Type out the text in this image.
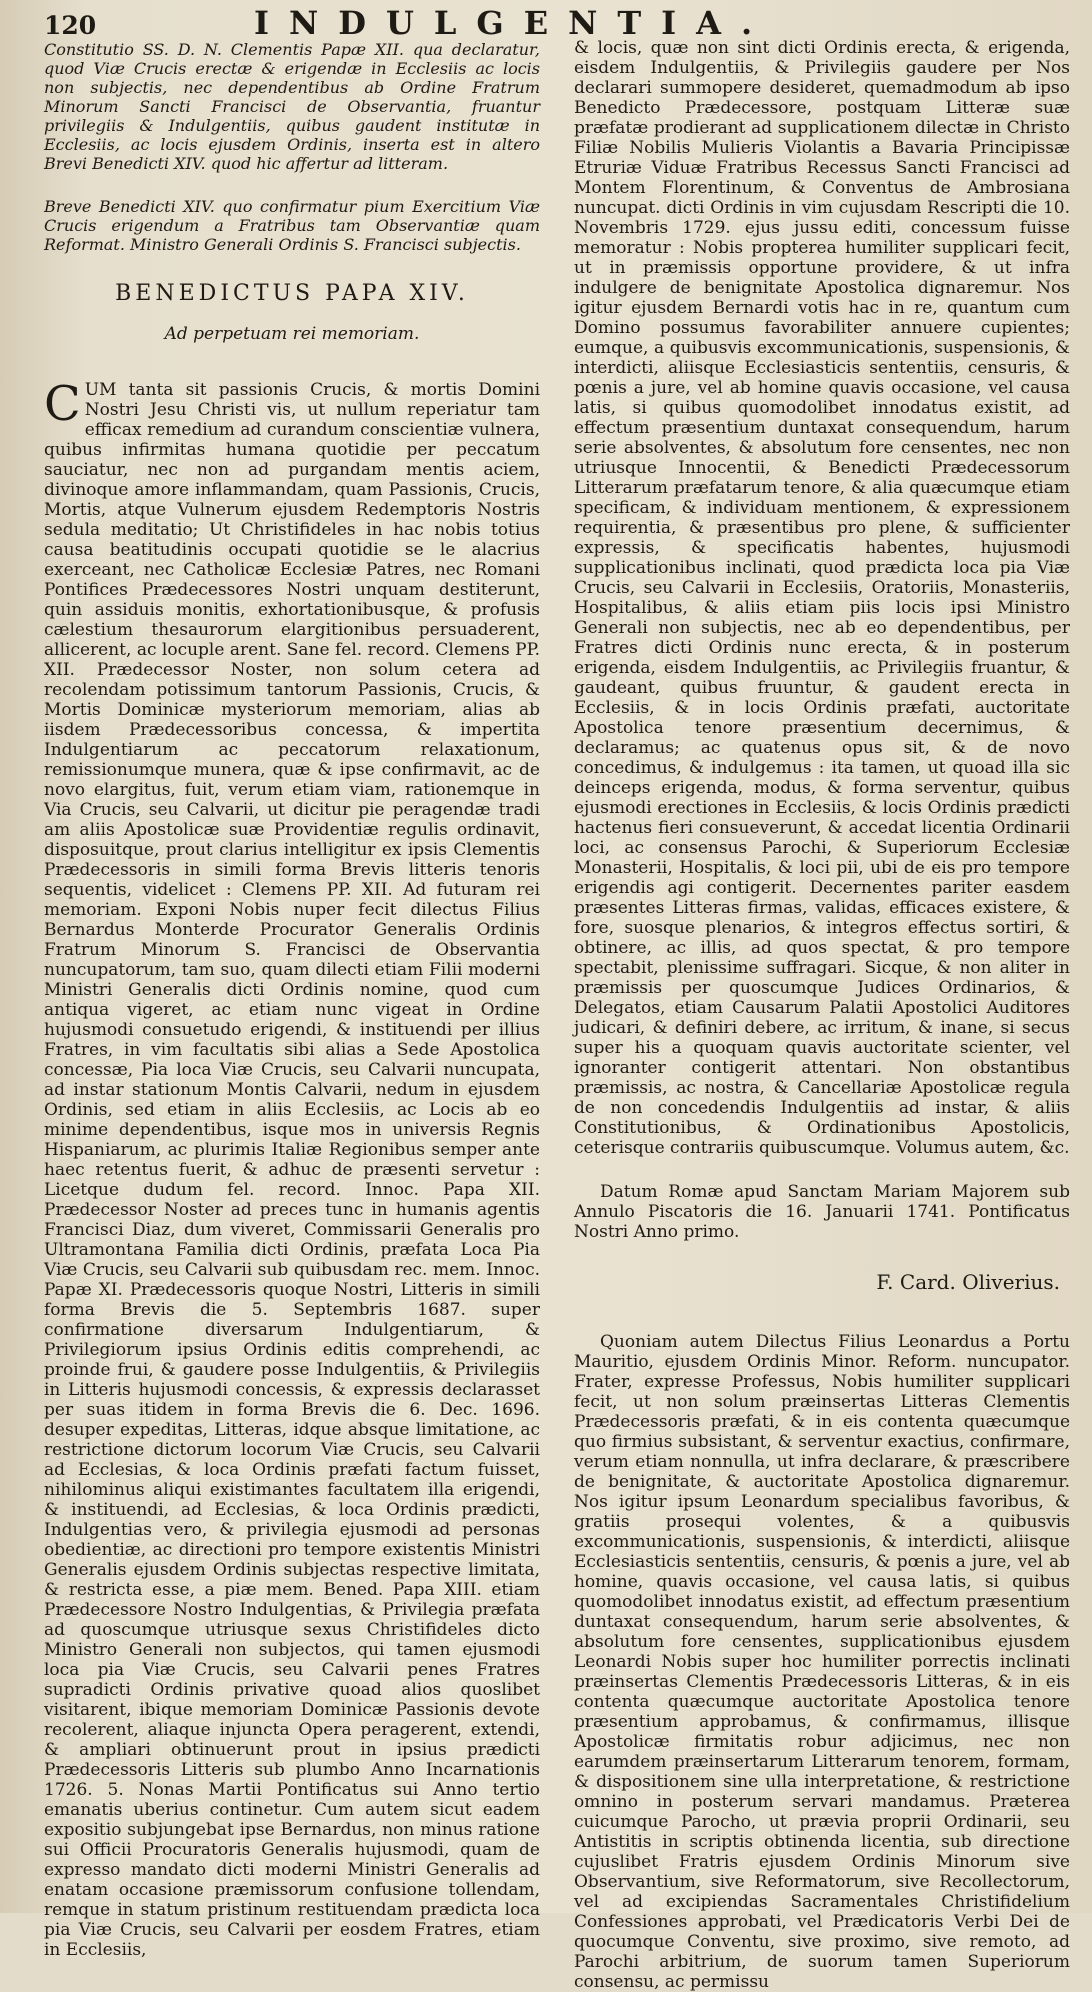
120	INDULGENTIA.

Constitutio SS. D. N. Clementis Papæ XII. qua declaratur, quod Viæ Crucis erectæ & erigendæ in Ecclesiis ac locis non subjectis, nec dependentibus ab Ordine Fratrum Minorum Sancti Francisci de Observantia, fruantur privilegiis & Indulgentiis, quibus gaudent institutæ in Ecclesiis, ac locis ejusdem Ordinis, inserta est in altero Brevi Benedicti XIV. quod hic affertur ad litteram.

Breve Benedicti XIV. quo confirmatur pium Exercitium Viæ Crucis erigendum a Fratribus tam Observantiæ quam Reformat. Ministro Generali Ordinis S. Francisci subjectis.

BENEDICTUS PAPA XIV.

Ad perpetuam rei memoriam.

CUM tanta sit passionis Crucis, & mortis Domini Nostri Jesu Christi vis, ut nullum reperiatur tam efficax remedium ad curandum conscientiæ vulnera, quibus infirmitas humana quotidie per peccatum sauciatur, nec non ad purgandam mentis aciem, divinoque amore inflammandam, quam Passionis, Crucis, Mortis, atque Vulnerum ejusdem Redemptoris Nostris sedula meditatio; Ut Christifideles in hac nobis totius causa beatitudinis occupati quotidie se le alacrius exerceant, nec Catholicæ Ecclesiæ Patres, nec Romani Pontifices Prædecessores Nostri unquam destiterunt, quin assiduis monitis, exhortationibusque, & profusis cælestium thesaurorum elargitionibus persuaderent, allicerent, ac locuple arent. Sane fel. record. Clemens PP. XII. Prædecessor Noster, non solum cetera ad recolendam potissimum tantorum Passionis, Crucis, & Mortis Dominicæ mysteriorum memoriam, alias ab iisdem Prædecessoribus concessa, & impertita Indulgentiarum ac peccatorum relaxationum, remissionumque munera, quæ & ipse confirmavit, ac de novo elargitus, fuit, verum etiam viam, rationemque in Via Crucis, seu Calvarii, ut dicitur pie peragendæ tradi am aliis Apostolicæ suæ Providentiæ regulis ordinavit, disposuitque, prout clarius intelligitur ex ipsis Clementis Prædecessoris in simili forma Brevis litteris tenoris sequentis, videlicet : Clemens PP. XII. Ad futuram rei memoriam. Exponi Nobis nuper fecit dilectus Filius Bernardus Monterde Procurator Generalis Ordinis Fratrum Minorum S. Francisci de Observantia nuncupatorum, tam suo, quam dilecti etiam Filii moderni Ministri Generalis dicti Ordinis nomine, quod cum antiqua vigeret, ac etiam nunc vigeat in Ordine hujusmodi consuetudo erigendi, & instituendi per illius Fratres, in vim facultatis sibi alias a Sede Apostolica concessæ, Pia loca Viæ Crucis, seu Calvarii nuncupata, ad instar stationum Montis Calvarii, nedum in ejusdem Ordinis, sed etiam in aliis Ecclesiis, ac Locis ab eo minime dependentibus, isque mos in universis Regnis Hispaniarum, ac plurimis Italiæ Regionibus semper ante haec retentus fuerit, & adhuc de præsenti servetur : Licetque dudum fel. record. Innoc. Papa XII. Prædecessor Noster ad preces tunc in humanis agentis Francisci Diaz, dum viveret, Commissarii Generalis pro Ultramontana Familia dicti Ordinis, præfata Loca Pia Viæ Crucis, seu Calvarii sub quibusdam rec. mem. Innoc. Papæ XI. Prædecessoris quoque Nostri, Litteris in simili forma Brevis die 5. Septembris 1687. super confirmatione diversarum Indulgentiarum, & Privilegiorum ipsius Ordinis editis comprehendi, ac proinde frui, & gaudere posse Indulgentiis, & Privilegiis in Litteris hujusmodi concessis, & expressis declarasset per suas itidem in forma Brevis die 6. Dec. 1696. desuper expeditas, Litteras, idque absque limitatione, ac restrictione dictorum locorum Viæ Crucis, seu Calvarii ad Ecclesias, & loca Ordinis præfati factum fuisset, nihilominus aliqui existimantes facultatem illa erigendi, & instituendi, ad Ecclesias, & loca Ordinis prædicti, Indulgentias vero, & privilegia ejusmodi ad personas obedientiæ, ac directioni pro tempore existentis Ministri Generalis ejusdem Ordinis subjectas respective limitata, & restricta esse, a piæ mem. Bened. Papa XIII. etiam Prædecessore Nostro Indulgentias, & Privilegia præfata ad quoscumque utriusque sexus Christifideles dicto Ministro Generali non subjectos, qui tamen ejusmodi loca pia Viæ Crucis, seu Calvarii penes Fratres supradicti Ordinis privative quoad alios quoslibet visitarent, ibique memoriam Dominicæ Passionis devote recolerent, aliaque injuncta Opera peragerent, extendi, & ampliari obtinuerunt prout in ipsius prædicti Prædecessoris Litteris sub plumbo Anno Incarnationis 1726. 5. Nonas Martii Pontificatus sui Anno tertio emanatis uberius continetur. Cum autem sicut eadem expositio subjungebat ipse Bernardus, non minus ratione sui Officii Procuratoris Generalis hujusmodi, quam de expresso mandato dicti moderni Ministri Generalis ad enatam occasione præmissorum confusione tollendam, remque in statum pristinum restituendam prædicta loca pia Viæ Crucis, seu Calvarii per eosdem Fratres, etiam in Ecclesiis,

& locis, quæ non sint dicti Ordinis erecta, & erigenda, eisdem Indulgentiis, & Privilegiis gaudere per Nos declarari summopere desideret, quemadmodum ab ipso Benedicto Prædecessore, postquam Litteræ suæ præfatæ prodierant ad supplicationem dilectæ in Christo Filiæ Nobilis Mulieris Violantis a Bavaria Principissæ Etruriæ Viduæ Fratribus Recessus Sancti Francisci ad Montem Florentinum, & Conventus de Ambrosiana nuncupat. dicti Ordinis in vim cujusdam Rescripti die 10. Novembris 1729. ejus jussu editi, concessum fuisse memoratur : Nobis propterea humiliter supplicari fecit, ut in præmissis opportune providere, & ut infra indulgere de benignitate Apostolica dignaremur. Nos igitur ejusdem Bernardi votis hac in re, quantum cum Domino possumus favorabiliter annuere cupientes; eumque, a quibusvis excommunicationis, suspensionis, & interdicti, aliisque Ecclesiasticis sententiis, censuris, & pœnis a jure, vel ab homine quavis occasione, vel causa latis, si quibus quomodolibet innodatus existit, ad effectum præsentium duntaxat consequendum, harum serie absolventes, & absolutum fore censentes, nec non utriusque Innocentii, & Benedicti Prædecessorum Litterarum præfatarum tenore, & alia quæcumque etiam specificam, & individuam mentionem, & expressionem requirentia, & præsentibus pro plene, & sufficienter expressis, & specificatis habentes, hujusmodi supplicationibus inclinati, quod prædicta loca pia Viæ Crucis, seu Calvarii in Ecclesiis, Oratoriis, Monasteriis, Hospitalibus, & aliis etiam piis locis ipsi Ministro Generali non subjectis, nec ab eo dependentibus, per Fratres dicti Ordinis nunc erecta, & in posterum erigenda, eisdem Indulgentiis, ac Privilegiis fruantur, & gaudeant, quibus fruuntur, & gaudent erecta in Ecclesiis, & in locis Ordinis præfati, auctoritate Apostolica tenore præsentium decernimus, & declaramus; ac quatenus opus sit, & de novo concedimus, & indulgemus : ita tamen, ut quoad illa sic deinceps erigenda, modus, & forma serventur, quibus ejusmodi erectiones in Ecclesiis, & locis Ordinis prædicti hactenus fieri consueverunt, & accedat licentia Ordinarii loci, ac consensus Parochi, & Superiorum Ecclesiæ Monasterii, Hospitalis, & loci pii, ubi de eis pro tempore erigendis agi contigerit. Decernentes pariter easdem præsentes Litteras firmas, validas, efficaces existere, & fore, suosque plenarios, & integros effectus sortiri, & obtinere, ac illis, ad quos spectat, & pro tempore spectabit, plenissime suffragari. Sicque, & non aliter in præmissis per quoscumque Judices Ordinarios, & Delegatos, etiam Causarum Palatii Apostolici Auditores judicari, & definiri debere, ac irritum, & inane, si secus super his a quoquam quavis auctoritate scienter, vel ignoranter contigerit attentari. Non obstantibus præmissis, ac nostra, & Cancellariæ Apostolicæ regula de non concedendis Indulgentiis ad instar, & aliis Constitutionibus, & Ordinationibus Apostolicis, ceterisque contrariis quibuscumque. Volumus autem, &c.

Datum Romæ apud Sanctam Mariam Majorem sub Annulo Piscatoris die 16. Januarii 1741. Pontificatus Nostri Anno primo.

F. Card. Oliverius.

Quoniam autem Dilectus Filius Leonardus a Portu Mauritio, ejusdem Ordinis Minor. Reform. nuncupator. Frater, expresse Professus, Nobis humiliter supplicari fecit, ut non solum præinsertas Litteras Clementis Prædecessoris præfati, & in eis contenta quæcumque quo firmius subsistant, & serventur exactius, confirmare, verum etiam nonnulla, ut infra declarare, & præscribere de benignitate, & auctoritate Apostolica dignaremur. Nos igitur ipsum Leonardum specialibus favoribus, & gratiis prosequi volentes, & a quibusvis excommunicationis, suspensionis, & interdicti, aliisque Ecclesiasticis sententiis, censuris, & pœnis a jure, vel ab homine, quavis occasione, vel causa latis, si quibus quomodolibet innodatus existit, ad effectum præsentium duntaxat consequendum, harum serie absolventes, & absolutum fore censentes, supplicationibus ejusdem Leonardi Nobis super hoc humiliter porrectis inclinati præinsertas Clementis Prædecessoris Litteras, & in eis contenta quæcumque auctoritate Apostolica tenore præsentium approbamus, & confirmamus, illisque Apostolicæ firmitatis robur adjicimus, nec non earumdem præinsertarum Litterarum tenorem, formam, & dispositionem sine ulla interpretatione, & restrictione omnino in posterum servari mandamus. Præterea cuicumque Parocho, ut prævia proprii Ordinarii, seu Antistitis in scriptis obtinenda licentia, sub directione cujuslibet Fratris ejusdem Ordinis Minorum sive Observantium, sive Reformatorum, sive Recollectorum, vel ad excipiendas Sacramentales Christifidelium Confessiones approbati, vel Prædicatoris Verbi Dei de quocumque Conventu, sive proximo, sive remoto, ad Parochi arbitrium, de suorum tamen Superiorum consensu, ac permissu
